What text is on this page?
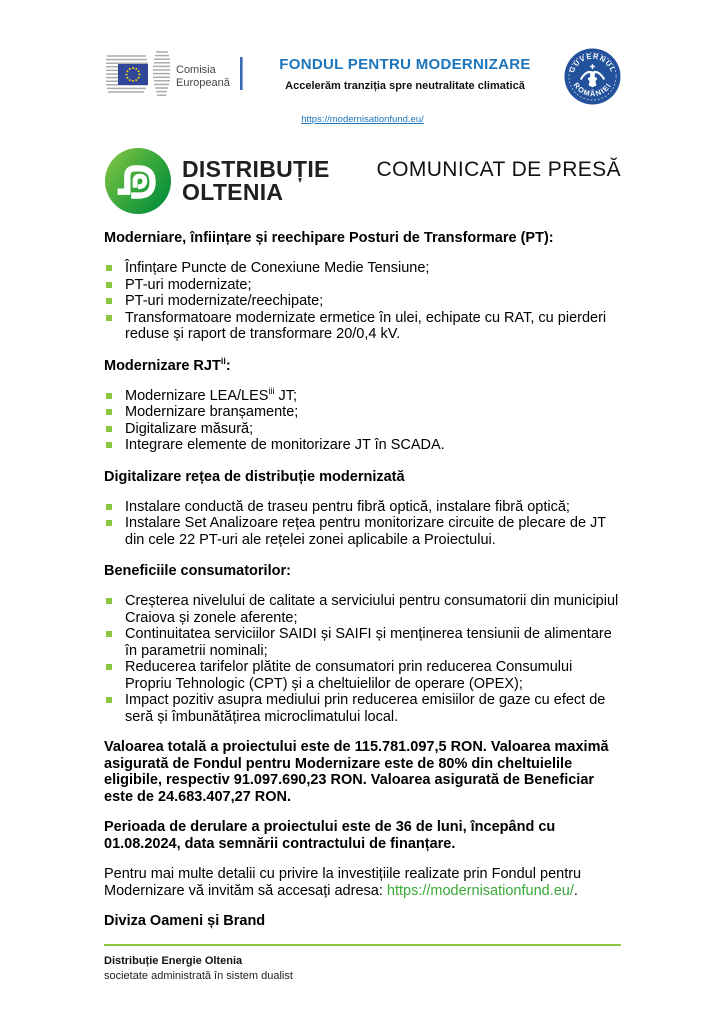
Comisia
Europeană
FONDUL PENTRU MODERNIZARE
Accelerăm tranziția spre neutralitate climatică
GUVERNUL
ROMÂNIEI
https://modernisationfund.eu/
DISTRIBUȚIE
OLTENIA
COMUNICAT DE PRESĂ
Moderniare, înființare și reechipare Posturi de Transformare (PT):
Înfințare Puncte de Conexiune Medie Tensiune;
PT-uri modernizate;
PT-uri modernizate/reechipate;
Transformatoare modernizate ermetice în ulei, echipate cu RAT, cu pierderi reduse și raport de transformare 20/0,4 kV.
Modernizare RJT$^{ii}$:
Modernizare LEA/LES$^{iii}$ JT;
Modernizare branșamente;
Digitalizare măsură;
Integrare elemente de monitorizare JT în SCADA.
Digitalizare rețea de distribuție modernizată
Instalare conductă de traseu pentru fibră optică, instalare fibră optică;
Instalare Set Analizoare rețea pentru monitorizare circuite de plecare de JT din cele 22 PT-uri ale rețelei zonei aplicabile a Proiectului.
Beneficiile consumatorilor:
Creșterea nivelului de calitate a serviciului pentru consumatorii din municipiul Craiova și zonele aferente;
Continuitatea serviciilor SAIDI și SAIFI și menținerea tensiunii de alimentare în parametrii nominali;
Reducerea tarifelor plătite de consumatori prin reducerea Consumului Propriu Tehnologic (CPT) și a cheltuielilor de operare (OPEX);
Impact pozitiv asupra mediului prin reducerea emisiilor de gaze cu efect de seră și îmbunătățirea microclimatului local.

Valoarea totală a proiectului este de 115.781.097,5 RON. Valoarea maximă asigurată de Fondul pentru Modernizare este de 80% din cheltuielile eligibile, respectiv 91.097.690,23 RON. Valoarea asigurată de Beneficiar este de 24.683.407,27 RON.

Perioada de derulare a proiectului este de 36 de luni, începând cu 01.08.2024, data semnării contractului de finanțare.

Pentru mai multe detalii cu privire la investițiile realizate prin Fondul pentru Modernizare vă invităm să accesați adresa: https://modernisationfund.eu/.

Diviza Oameni și Brand

Distribuție Energie Oltenia
societate administrată în sistem dualist
